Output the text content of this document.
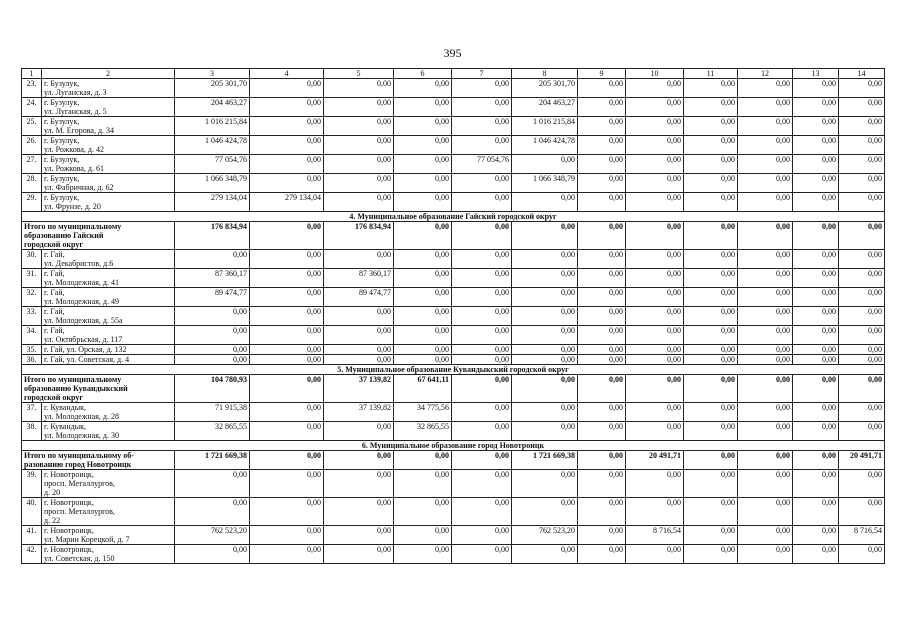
395
1	2	3	4	5	6	7	8	9	10	11	12	13	14
23.	г. Бузулук,
ул. Луганская, д. 3	205 301,70	0,00	0,00	0,00	0,00	205 301,70	0,00	0,00	0,00	0,00	0,00	0,00
24.	г. Бузулук,
ул. Луганская, д. 5	204 463,27	0,00	0,00	0,00	0,00	204 463,27	0,00	0,00	0,00	0,00	0,00	0,00
25.	г. Бузулук,
ул. М. Егорова, д. 34	1 016 215,84	0,00	0,00	0,00	0,00	1 016 215,84	0,00	0,00	0,00	0,00	0,00	0,00
26.	г. Бузулук,
ул. Рожкова, д. 42	1 046 424,78	0,00	0,00	0,00	0,00	1 046 424,78	0,00	0,00	0,00	0,00	0,00	0,00
27.	г. Бузулук,
ул. Рожкова, д. 61	77 054,76	0,00	0,00	0,00	77 054,76	0,00	0,00	0,00	0,00	0,00	0,00	0,00
28.	г. Бузулук,
ул. Фабричная, д. 62	1 066 348,79	0,00	0,00	0,00	0,00	1 066 348,79	0,00	0,00	0,00	0,00	0,00	0,00
29.	г. Бузулук,
ул. Фрунзе, д. 20	279 134,04	279 134,04	0,00	0,00	0,00	0,00	0,00	0,00	0,00	0,00	0,00	0,00
4. Муниципальное образование Гайский городской округ													
Итого по муниципальному
образованию Гайский
городской округ		176 834,94	0,00	176 834,94	0,00	0,00	0,00	0,00	0,00	0,00	0,00	0,00	0,00
30.	г. Гай,
ул. Декабристов, д.6	0,00	0,00	0,00	0,00	0,00	0,00	0,00	0,00	0,00	0,00	0,00	0,00
31.	г. Гай,
ул. Молодежная, д. 41	87 360,17	0,00	87 360,17	0,00	0,00	0,00	0,00	0,00	0,00	0,00	0,00	0,00
32.	г. Гай,
ул. Молодежная, д. 49	89 474,77	0,00	89 474,77	0,00	0,00	0,00	0,00	0,00	0,00	0,00	0,00	0,00
33.	г. Гай,
ул. Молодежная, д. 55а	0,00	0,00	0,00	0,00	0,00	0,00	0,00	0,00	0,00	0,00	0,00	0,00
34.	г. Гай,
ул. Октябрьская, д. 117	0,00	0,00	0,00	0,00	0,00	0,00	0,00	0,00	0,00	0,00	0,00	0,00
35.	г. Гай, ул. Орская, д. 132	0,00	0,00	0,00	0,00	0,00	0,00	0,00	0,00	0,00	0,00	0,00	0,00
36.	г. Гай, ул. Советская, д. 4	0,00	0,00	0,00	0,00	0,00	0,00	0,00	0,00	0,00	0,00	0,00	0,00
5. Муниципальное образование Кувандыкский городской округ													
Итого по муниципальному
образованию Кувандыкский
городской округ		104 780,93	0,00	37 139,82	67 641,11	0,00	0,00	0,00	0,00	0,00	0,00	0,00	0,00
37.	г. Кувандык,
ул. Молодежная, д. 28	71 915,38	0,00	37 139,82	34 775,56	0,00	0,00	0,00	0,00	0,00	0,00	0,00	0,00
38.	г. Кувандык,
ул. Молодежная, д. 30	32 865,55	0,00	0,00	32 865,55	0,00	0,00	0,00	0,00	0,00	0,00	0,00	0,00
6. Муниципальное образование город Новотроицк													
Итого по муниципальному об-
разованию город Новотроицк		1 721 669,38	0,00	0,00	0,00	0,00	1 721 669,38	0,00	20 491,71	0,00	0,00	0,00	20 491,71
39.	г. Новотроицк,
просп. Металлургов,
д. 20	0,00	0,00	0,00	0,00	0,00	0,00	0,00	0,00	0,00	0,00	0,00	0,00
40.	г. Новотроицк,
просп. Металлургов,
д. 22	0,00	0,00	0,00	0,00	0,00	0,00	0,00	0,00	0,00	0,00	0,00	0,00
41.	г. Новотроицк,
ул. Марии Корецкой, д. 7	762 523,20	0,00	0,00	0,00	0,00	762 523,20	0,00	8 716,54	0,00	0,00	0,00	8 716,54
42.	г. Новотроицк,
ул. Советская, д. 150	0,00	0,00	0,00	0,00	0,00	0,00	0,00	0,00	0,00	0,00	0,00	0,00
